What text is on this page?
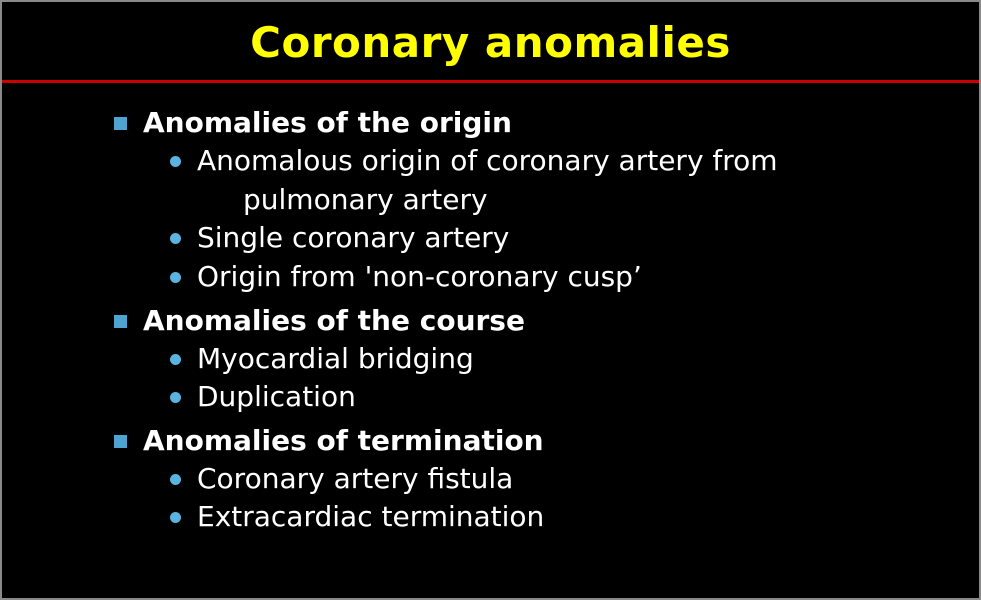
Coronary anomalies
Anomalies of the origin
Anomalous origin of coronary artery from
pulmonary artery
Single coronary artery
Origin from 'non-coronary cusp’
Anomalies of the course
Myocardial bridging
Duplication
Anomalies of termination
Coronary artery fistula
Extracardiac termination
